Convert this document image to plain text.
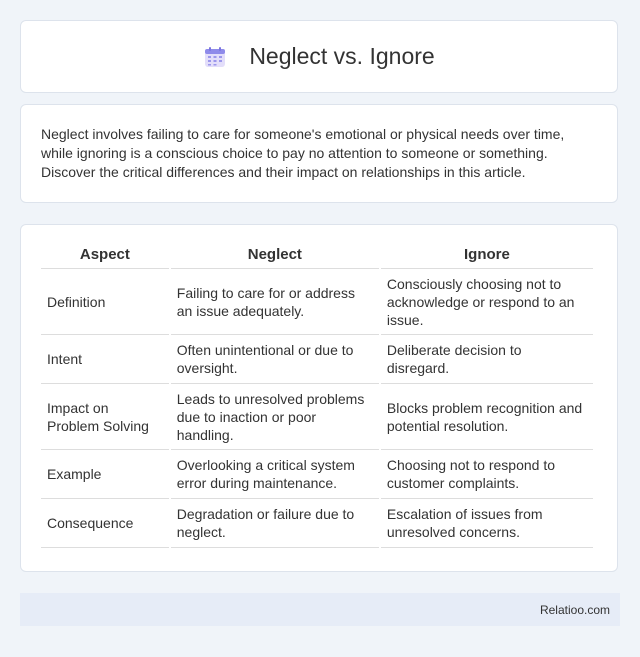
Neglect vs. Ignore

Neglect involves failing to care for someone's emotional or physical needs over time, while ignoring is a conscious choice to pay no attention to someone or something. Discover the critical differences and their impact on relationships in this article.

Aspect	Neglect	Ignore
Definition	Failing to care for or address an issue adequately.	Consciously choosing not to acknowledge or respond to an issue.
Intent	Often unintentional or due to oversight.	Deliberate decision to disregard.
Impact on Problem Solving	Leads to unresolved problems due to inaction or poor handling.	Blocks problem recognition and potential resolution.
Example	Overlooking a critical system error during maintenance.	Choosing not to respond to customer complaints.
Consequence	Degradation or failure due to neglect.	Escalation of issues from unresolved concerns.
Relatioo.com
